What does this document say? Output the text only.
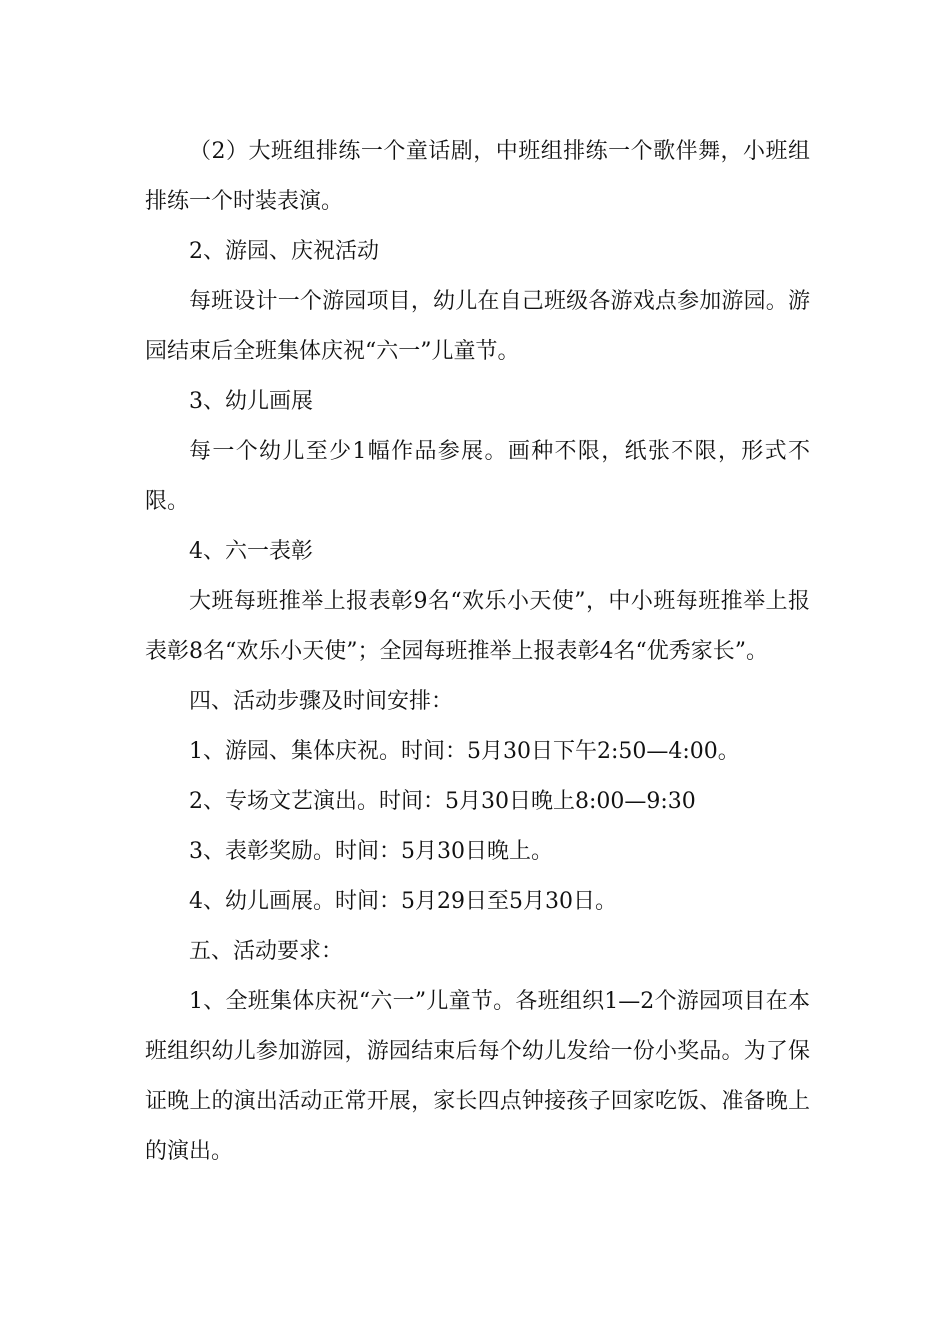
（2）大班组排练一个童话剧，中班组排练一个歌伴舞，小班组排练一个时装表演。

2、游园、庆祝活动

每班设计一个游园项目，幼儿在自己班级各游戏点参加游园。游园结束后全班集体庆祝“六一”儿童节。

3、幼儿画展

每一个幼儿至少1幅作品参展。画种不限，纸张不限，形式不限。

4、六一表彰

大班每班推举上报表彰9名“欢乐小天使”，中小班每班推举上报表彰8名“欢乐小天使”；全园每班推举上报表彰4名“优秀家长”。

四、活动步骤及时间安排：

1、游园、集体庆祝。时间：5月30日下午2:50—4:00。

2、专场文艺演出。时间：5月30日晚上8:00—9:30

3、表彰奖励。时间：5月30日晚上。

4、幼儿画展。时间：5月29日至5月30日。

五、活动要求：

1、全班集体庆祝“六一”儿童节。各班组织1—2个游园项目在本班组织幼儿参加游园，游园结束后每个幼儿发给一份小奖品。为了保证晚上的演出活动正常开展，家长四点钟接孩子回家吃饭、准备晚上的演出。
